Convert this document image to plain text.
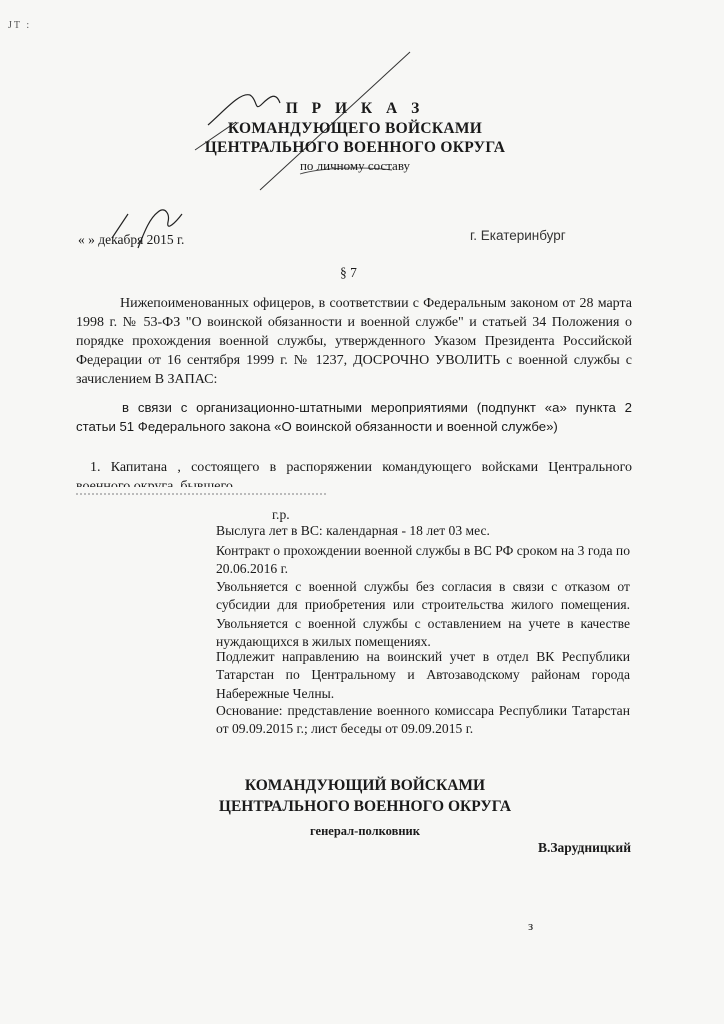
JT :
П Р И К А З
КОМАНДУЮЩЕГО ВОЙСКАМИ
ЦЕНТРАЛЬНОГО ВОЕННОГО ОКРУГА
по личному составу
« » декабря 2015 г.	г. Екатеринбург
§ 7
Нижепоименованных офицеров, в соответствии с Федеральным законом от 28 марта 1998 г. № 53-ФЗ "О воинской обязанности и военной службе" и статьей 34 Положения о порядке прохождения военной службы, утвержденного Указом Президента Российской Федерации от 16 сентября 1999 г. № 1237, ДОСРОЧНО УВОЛИТЬ с военной службы с зачислением В ЗАПАС:
в связи с организационно-штатными мероприятиями (подпункт «а» пункта 2 статьи 51 Федерального закона «О воинской обязанности и военной службе»)
1. Капитана , состоящего в распоряжении командующего войсками Центрального
г.р.
Выслуга лет в ВС: календарная - 18 лет 03 мес.
Контракт о прохождении военной службы в ВС РФ сроком на 3 года по 20.06.2016 г.
Увольняется с военной службы без согласия в связи с отказом от субсидии для приобретения или строительства жилого помещения. Увольняется с военной службы с оставлением на учете в качестве нуждающихся в жилых помещениях.
Подлежит направлению на воинский учет в отдел ВК Республики Татарстан по Центральному и Автозаводскому районам города Набережные Челны.
Основание: представление военного комиссара Республики Татарстан от 09.09.2015 г.; лист беседы от 09.09.2015 г.
КОМАНДУЮЩИЙ ВОЙСКАМИ
ЦЕНТРАЛЬНОГО ВОЕННОГО ОКРУГА
генерал-полковник
В.Зарудницкий
з
